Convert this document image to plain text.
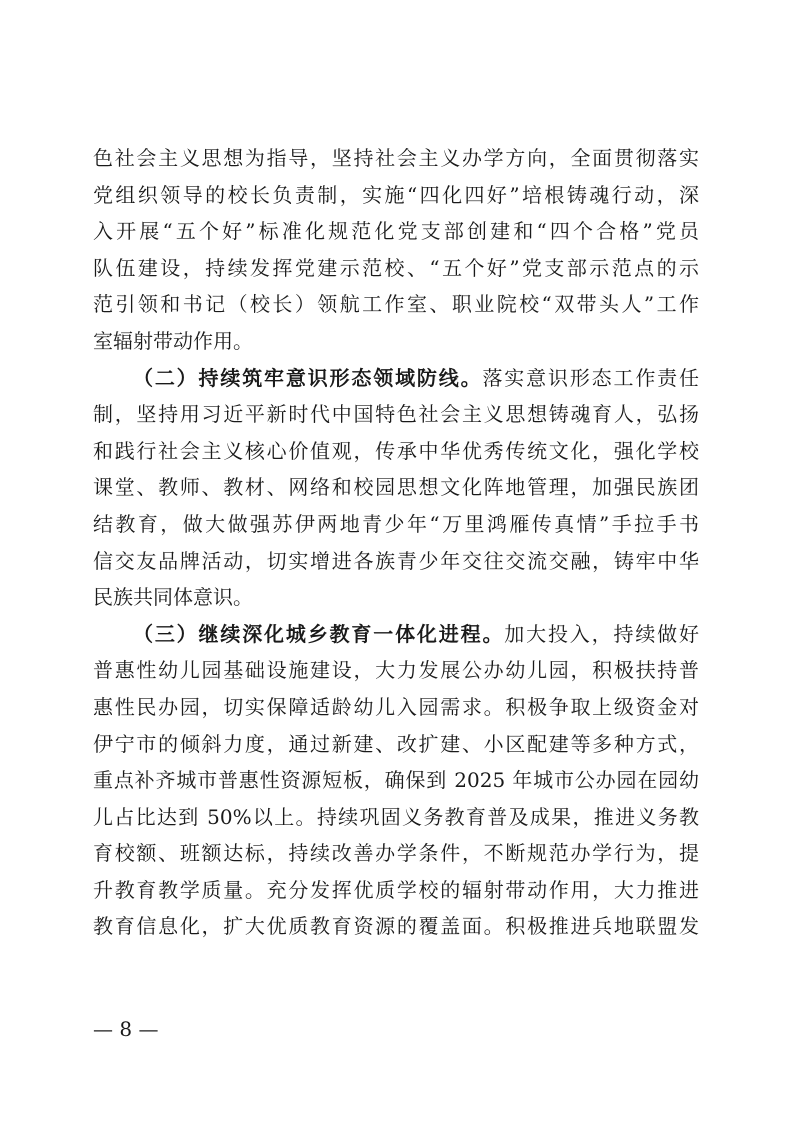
色社会主义思想为指导，坚持社会主义办学方向，全面贯彻落实
党组织领导的校长负责制，实施“四化四好”培根铸魂行动，深
入开展“五个好”标准化规范化党支部创建和“四个合格”党员
队伍建设，持续发挥党建示范校、“五个好”党支部示范点的示
范引领和书记（校长）领航工作室、职业院校“双带头人”工作
室辐射带动作用。
（二）持续筑牢意识形态领域防线。落实意识形态工作责任
制，坚持用习近平新时代中国特色社会主义思想铸魂育人，弘扬
和践行社会主义核心价值观，传承中华优秀传统文化，强化学校
课堂、教师、教材、网络和校园思想文化阵地管理，加强民族团
结教育，做大做强苏伊两地青少年“万里鸿雁传真情”手拉手书
信交友品牌活动，切实增进各族青少年交往交流交融，铸牢中华
民族共同体意识。
（三）继续深化城乡教育一体化进程。加大投入，持续做好
普惠性幼儿园基础设施建设，大力发展公办幼儿园，积极扶持普
惠性民办园，切实保障适龄幼儿入园需求。积极争取上级资金对
伊宁市的倾斜力度，通过新建、改扩建、小区配建等多种方式，
重点补齐城市普惠性资源短板，确保到 2025 年城市公办园在园幼
儿占比达到 50%以上。持续巩固义务教育普及成果，推进义务教
育校额、班额达标，持续改善办学条件，不断规范办学行为，提
升教育教学质量。充分发挥优质学校的辐射带动作用，大力推进
教育信息化，扩大优质教育资源的覆盖面。积极推进兵地联盟发
— 8 —
